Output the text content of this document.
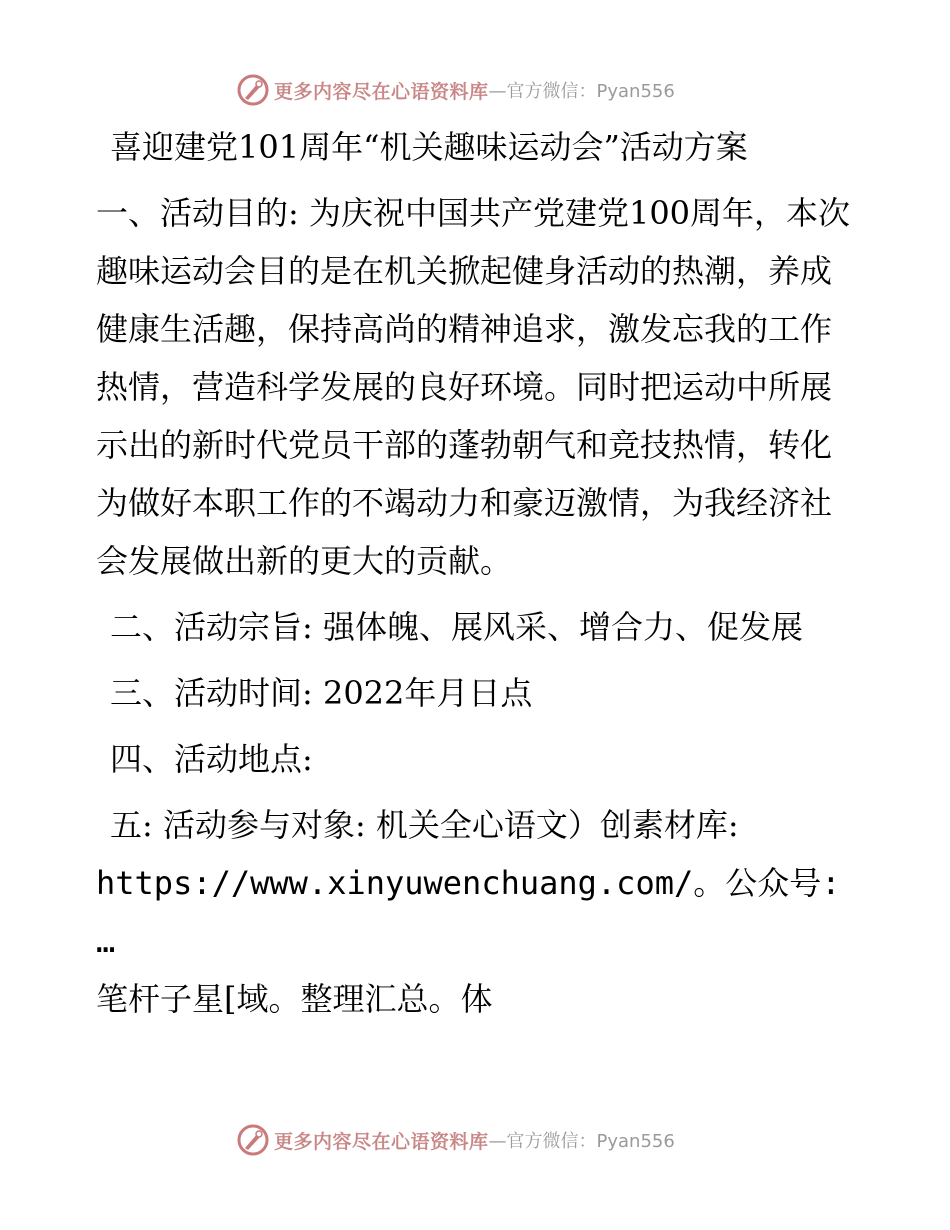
更多内容尽在心语资料库 —官方微信：Pyan556

喜迎建党101周年“机关趣味运动会”活动方案

一、活动目的: 为庆祝中国共产党建党100周年，本次趣味运动会目的是在机关掀起健身活动的热潮，养成健康生活趣，保持高尚的精神追求，激发忘我的工作热情，营造科学发展的良好环境。同时把运动中所展示出的新时代党员干部的蓬勃朝气和竞技热情，转化为做好本职工作的不竭动力和豪迈激情，为我经济社会发展做出新的更大的贡献。

二、活动宗旨: 强体魄、展风采、增合力、促发展

三、活动时间: 2022年月日点

四、活动地点:

五: 活动参与对象: 机关全心语文）创素材库:

https://www.xinyuwenchuang.com/。公众号: …

笔杆子星[域。整理汇总。体

更多内容尽在心语资料库 —官方微信：Pyan556
